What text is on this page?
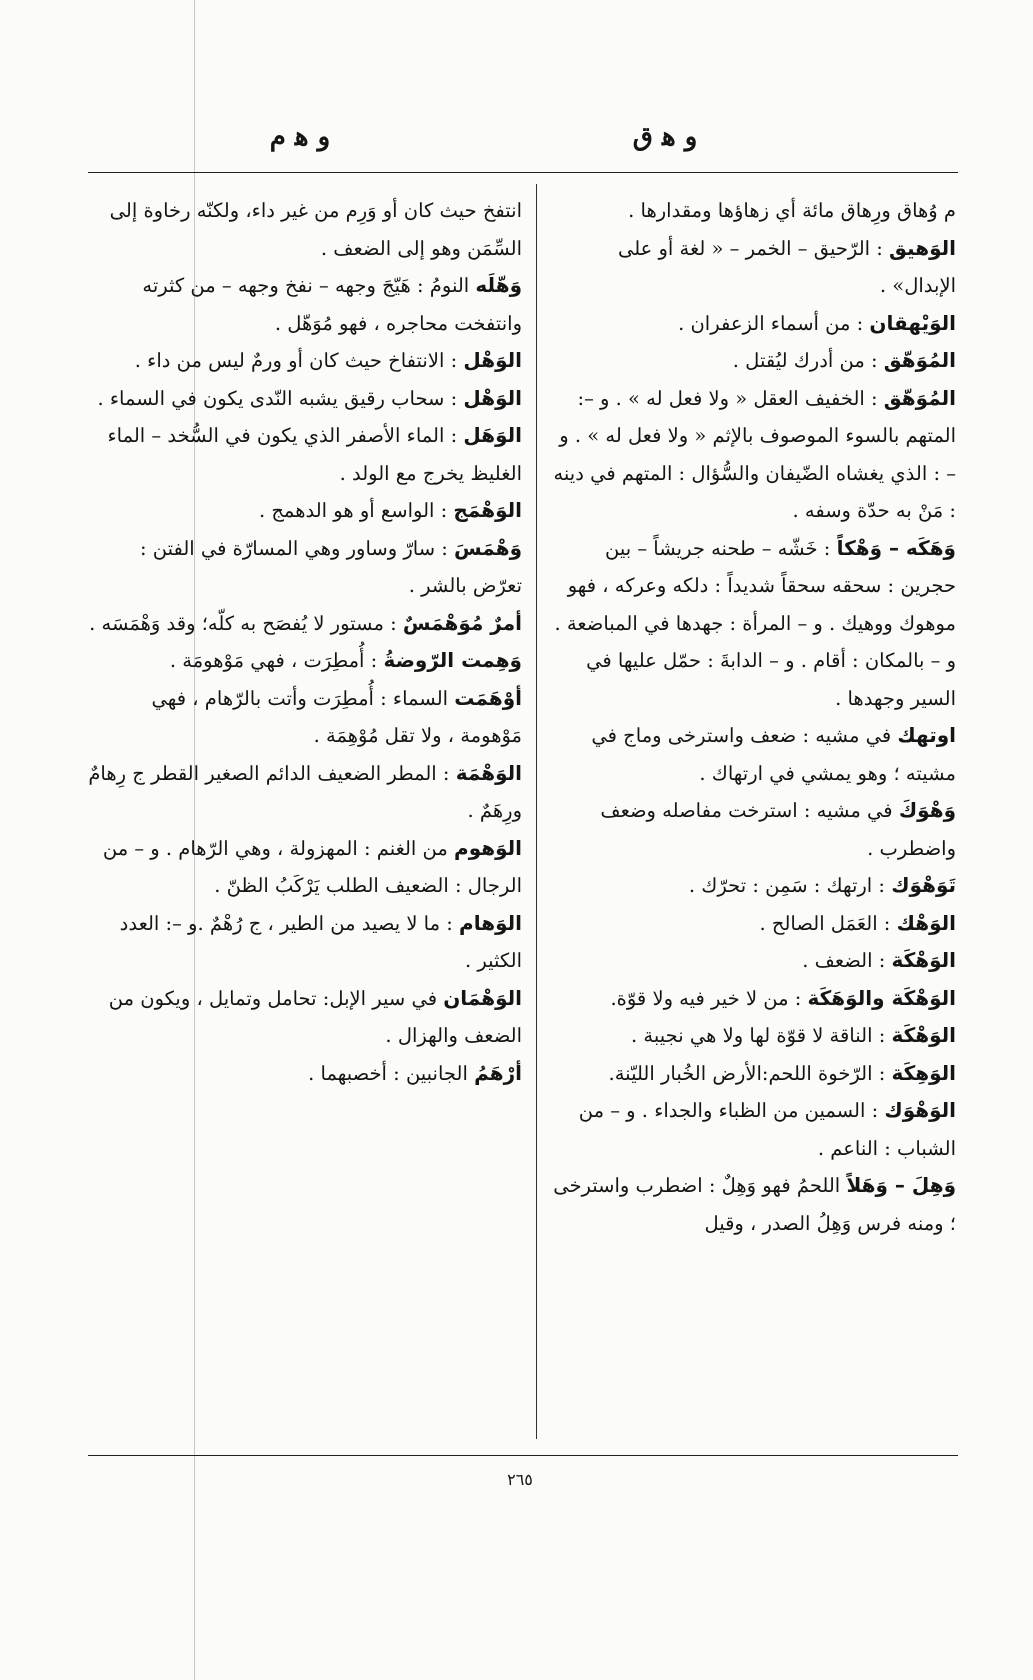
و ﻫ ق
و ﻫ م

م وُهاق ورِهاق مائة أي زهاؤها ومقدارها .

الوَهيق : الرّحيق – الخمر – « لغة أو على الإبدال» .

الوَيْهقان : من أسماء الزعفران .

المُوَهّق : من أدرك ليُقتل .

المُوَهّق : الخفيف العقل « ولا فعل له » . و –: المتهم بالسوء الموصوف بالإثم « ولا فعل له » . و – : الذي يغشاه الضّيفان والسُّؤال : المتهم في دينه : مَنْ به حدّة وسفه .

وَهَكَه – وَهْكاً : خَشّه – طحنه جريشاً – بين حجرين : سحقه سحقاً شديداً : دلكه وعركه ، فهو موهوك ووهيك . و – المرأة : جهدها في المباضعة . و – بالمكان : أقام . و – الدابةَ : حمّل عليها في السير وجهدها .

اوتهك في مشيه : ضعف واسترخى وماج في مشيته ؛ وهو يمشي في ارتهاك .

وَهْوَكَ في مشيه : استرخت مفاصله وضعف واضطرب .

تَوَهْوَك : ارتهك : سَمِن : تحرّك .

الوَهْك : العَمَل الصالح .

الوَهْكَة : الضعف .

الوَهْكَة والوَهَكَة : من لا خير فيه ولا قوّة.

الوَهْكَة : الناقة لا قوّة لها ولا هي نجيبة .

الوَهِكَة : الرّخوة اللحم:الأرض الخُبار الليّنة.

الوَهْوَك : السمين من الظباء والجداء . و – من الشباب : الناعم .

وَهِلَ – وَهَلاً اللحمُ فهو وَهِلٌ : اضطرب واسترخى ؛ ومنه فرس وَهِلُ الصدر ، وقيل

انتفخ حيث كان أو وَرِم من غير داء، ولكنّه رخاوة إلى السِّمَن وهو إلى الضعف .

وَهّلَه النومُ : هَيّجَ وجهه – نفخ وجهه – من كثرته وانتفخت محاجره ، فهو مُوَهّل .

الوَهْل : الانتفاخ حيث كان أو ورمٌ ليس من داء .

الوَهْل : سحاب رقيق يشبه النّدى يكون في السماء .

الوَهَل : الماء الأصفر الذي يكون في السُّخد – الماء الغليظ يخرج مع الولد .

الوَهْمَج : الواسع أو هو الدهمج .

وَهْمَسَ : سارّ وساور وهي المسارّة في الفتن : تعرّض بالشر .

أمرٌ مُوَهْمَسٌ : مستور لا يُفصَح به كلّه؛ وقد وَهْمَسَه .

وَهِمت الرّوضةُ : أُمطِرَت ، فهي مَوْهومَة .

أوْهَمَت السماء : أُمطِرَت وأتت بالرّهام ، فهي مَوْهومة ، ولا تقل مُوْهِمَة .

الوَهْمَة : المطر الضعيف الدائم الصغير القطر ج رِهامٌ ورِهَمٌ .

الوَهوم من الغنم : المهزولة ، وهي الرّهام . و – من الرجال : الضعيف الطلب يَرْكَبُ الظنّ .

الوَهام : ما لا يصيد من الطير ، ج رُهْمٌ .و –: العدد الكثير .

الوَهْمَان في سير الإبل: تحامل وتمايل ، ويكون من الضعف والهزال .

أرْهَمُ الجانبين : أخصبهما .

٢٦٥
